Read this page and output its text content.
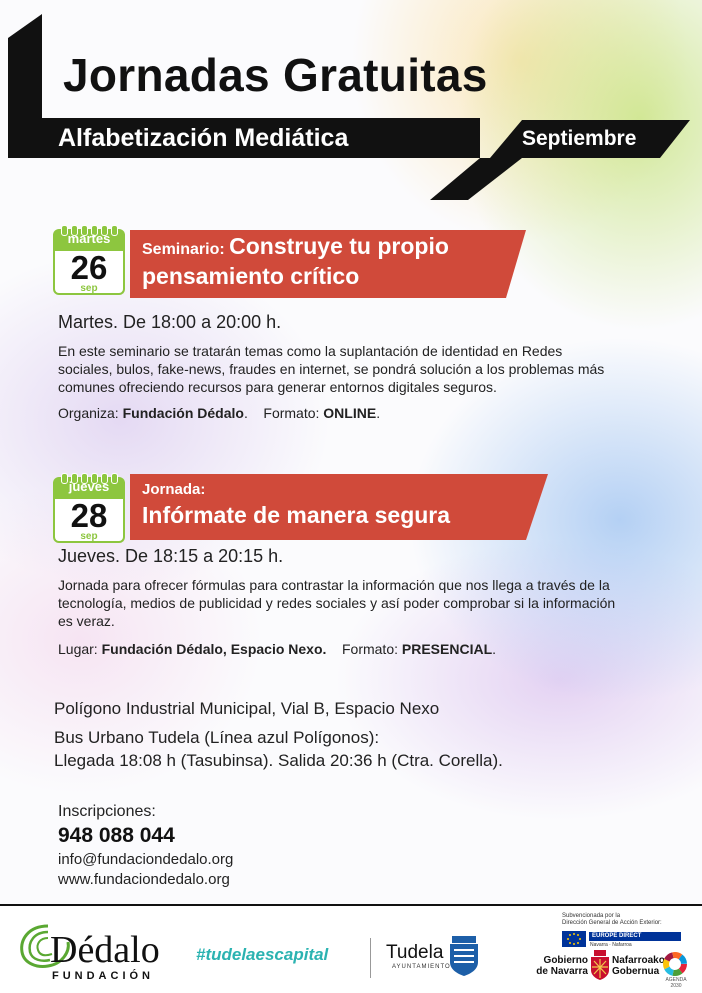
Jornadas Gratuitas
Alfabetización Mediática	Septiembre
martes
26
sep
Seminario: Construye tu propio

pensamiento crítico
Martes. De 18:00 a 20:00 h.
En este seminario se tratarán temas como la suplantación de identidad en Redes sociales, bulos, fake-news, fraudes en internet, se pondrá solución a los problemas más comunes ofreciendo recursos para generar entornos digitales seguros.
Organiza: Fundación Dédalo.    Formato: ONLINE.
jueves
28
sep
Jornada:
Infórmate de manera segura
Jueves. De 18:15 a 20:15 h.
Jornada para ofrecer fórmulas para contrastar la información que nos llega a través de la tecnología, medios de publicidad y redes sociales y así poder comprobar si la información es veraz.
Lugar: Fundación Dédalo, Espacio Nexo. Formato: PRESENCIAL.
Polígono Industrial Municipal, Vial B, Espacio Nexo
Bus Urbano Tudela (Línea azul Polígonos):
Llegada 18:08 h (Tasubinsa). Salida 20:36 h (Ctra. Corella).
Inscripciones:
948 088 044
info@fundaciondedalo.org
www.fundaciondedalo.org
Dédalo
FUNDACIÓN
#tudelaescapital	Tudela
AYUNTAMIENTO
Subvencionada por la
Dirección General de Acción Exterior:
EUROPE DIRECT
Navarra · Nafarroa
Gobierno
de Navarra
Nafarroako
Gobernua
AGENDA
2030
